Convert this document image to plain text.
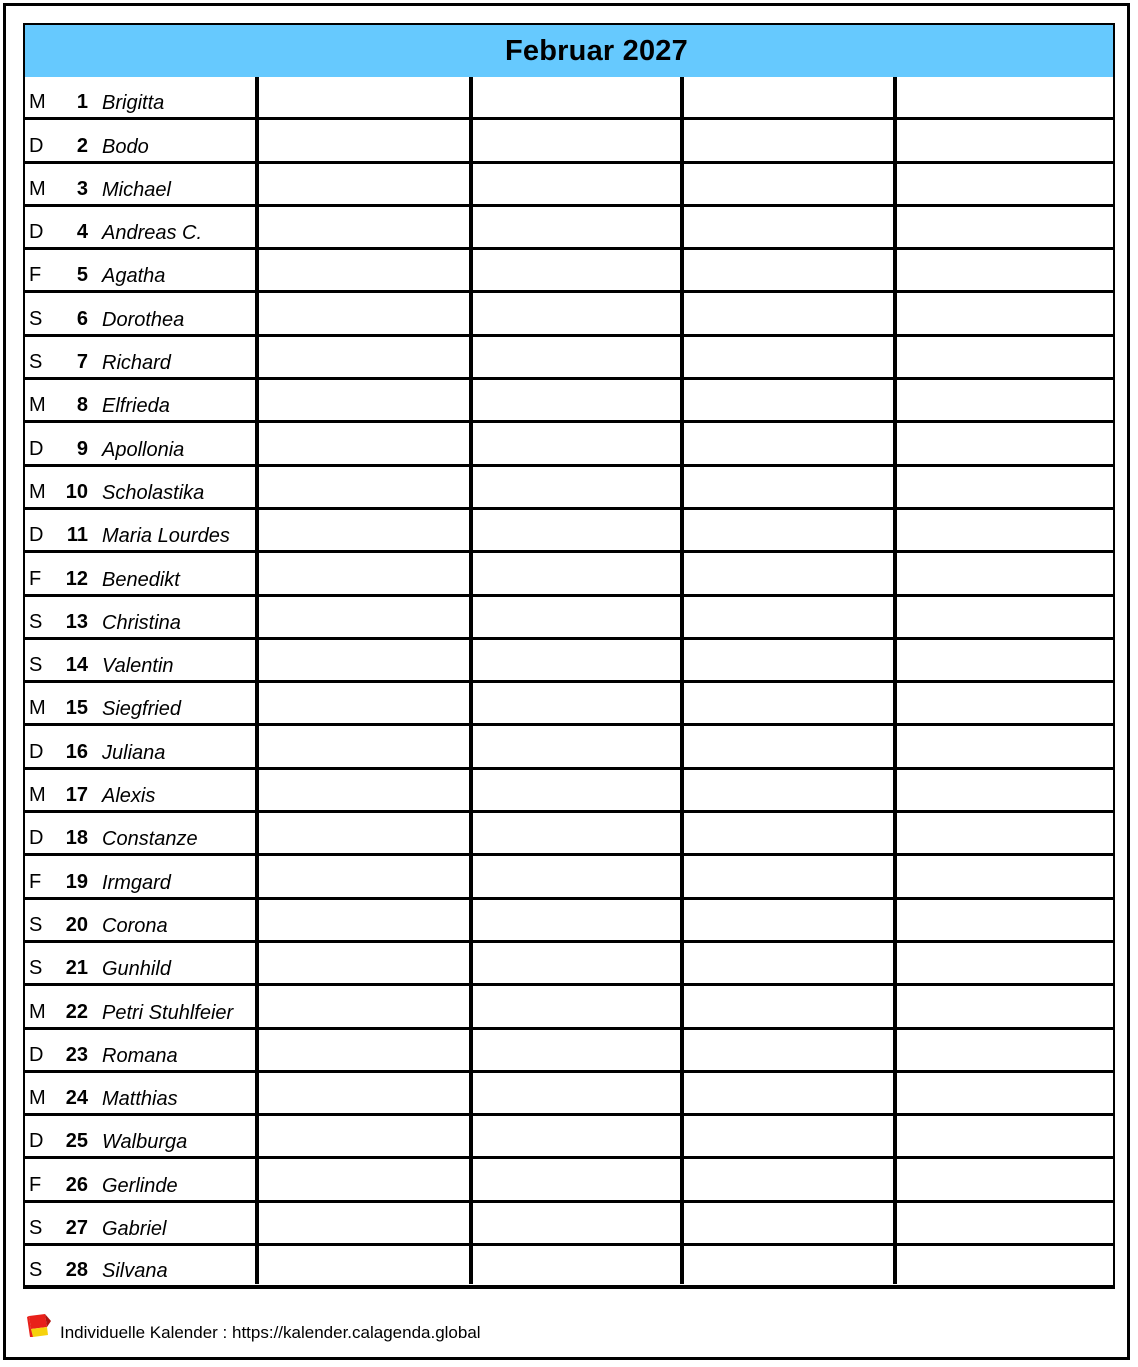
Februar 2027
M	1 Brigitta
D	2 Bodo
M	3 Michael
D	4 Andreas C.
F	5 Agatha
S	6 Dorothea
S	7 Richard
M	8 Elfrieda
D	9 Apollonia
M 10 Scholastika
D 11 Maria Lourdes
F 12 Benedikt
S 13 Christina
S 14 Valentin
M 15 Siegfried
D 16 Juliana
M 17 Alexis
D 18 Constanze
F 19 Irmgard
S 20 Corona
S 21 Gunhild
M 22 Petri Stuhlfeier
D 23 Romana
M 24 Matthias
D 25 Walburga
F 26 Gerlinde
S 27 Gabriel
S 28 Silvana
Individuelle Kalender : https://kalender.calagenda.global
